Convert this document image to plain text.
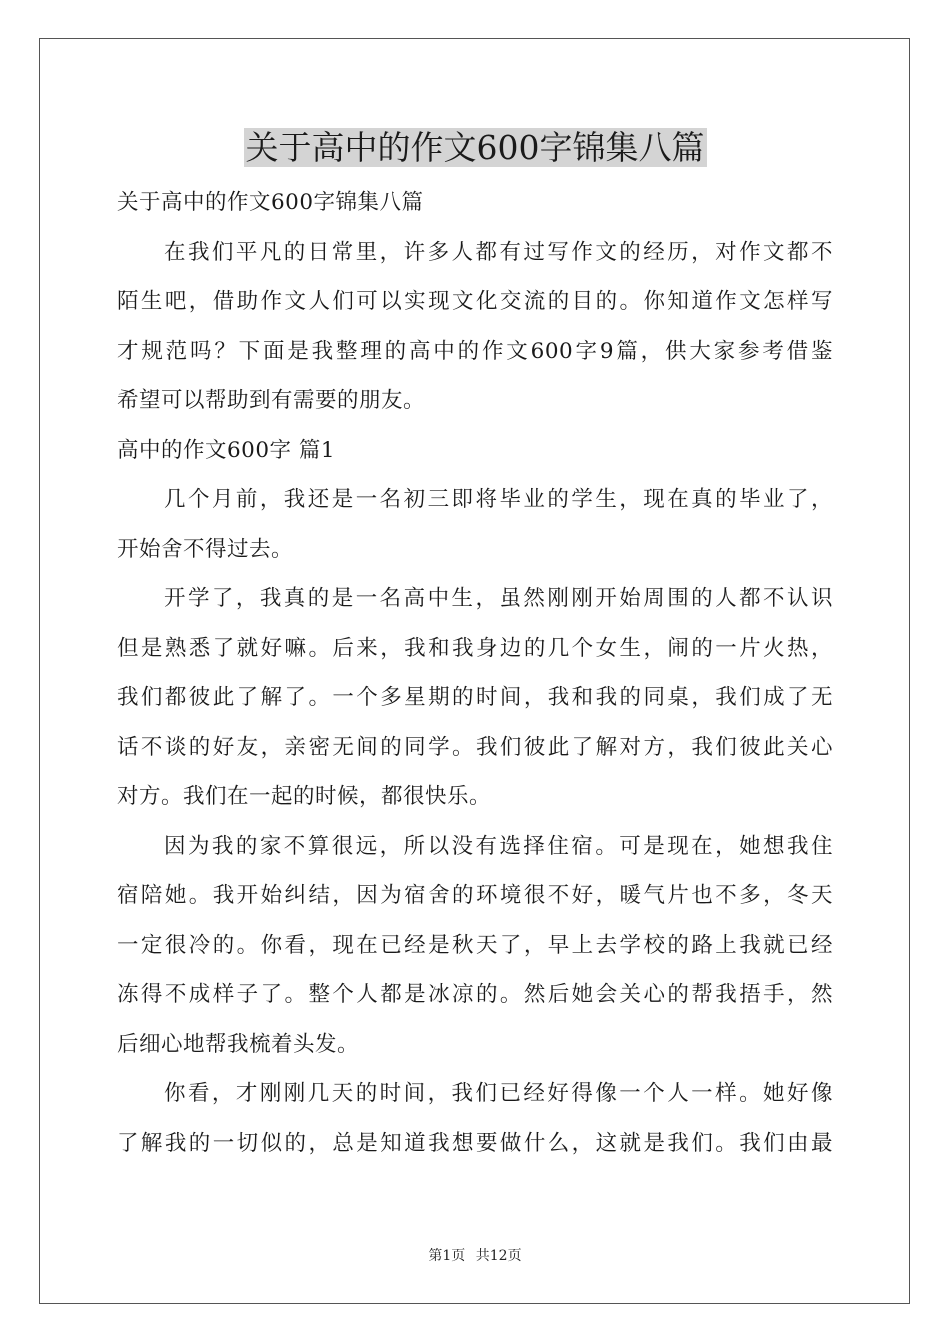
关于高中的作文600字锦集八篇

关于高中的作文600字锦集八篇

在我们平凡的日常里，许多人都有过写作文的经历，对作文都不

陌生吧，借助作文人们可以实现文化交流的目的。你知道作文怎样写

才规范吗？下面是我整理的高中的作文600字9篇，供大家参考借鉴

希望可以帮助到有需要的朋友。

高中的作文600字 篇1

几个月前，我还是一名初三即将毕业的学生，现在真的毕业了，

开始舍不得过去。

开学了，我真的是一名高中生，虽然刚刚开始周围的人都不认识

但是熟悉了就好嘛。后来，我和我身边的几个女生，闹的一片火热，

我们都彼此了解了。一个多星期的时间，我和我的同桌，我们成了无

话不谈的好友，亲密无间的同学。我们彼此了解对方，我们彼此关心

对方。我们在一起的时候，都很快乐。

因为我的家不算很远，所以没有选择住宿。可是现在，她想我住

宿陪她。我开始纠结，因为宿舍的环境很不好，暖气片也不多，冬天

一定很冷的。你看，现在已经是秋天了，早上去学校的路上我就已经

冻得不成样子了。整个人都是冰凉的。然后她会关心的帮我捂手，然

后细心地帮我梳着头发。

你看，才刚刚几天的时间，我们已经好得像一个人一样。她好像

了解我的一切似的，总是知道我想要做什么，这就是我们。我们由最

第1页 共12页
